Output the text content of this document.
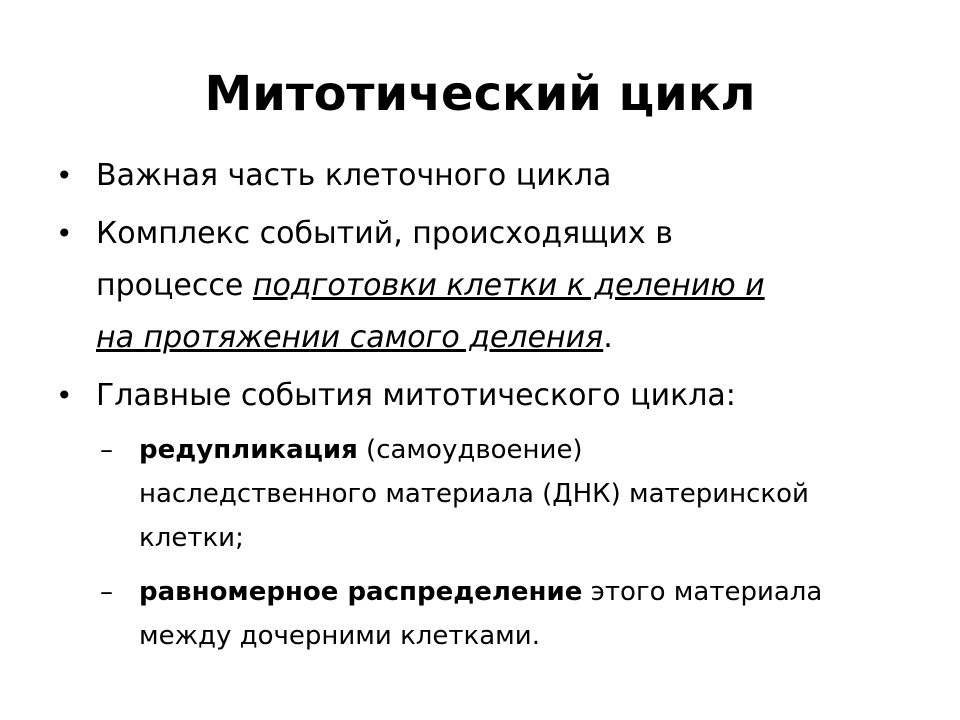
Митотический цикл
• Важная часть клеточного цикла
• Комплекс событий, происходящих в
процессе подготовки клетки к делению и
на протяжении самого деления.
• Главные события митотического цикла:
– редупликация (самоудвоение)
наследственного материала (ДНК) материнской
клетки;
– равномерное распределение этого материала
между дочерними клетками.
